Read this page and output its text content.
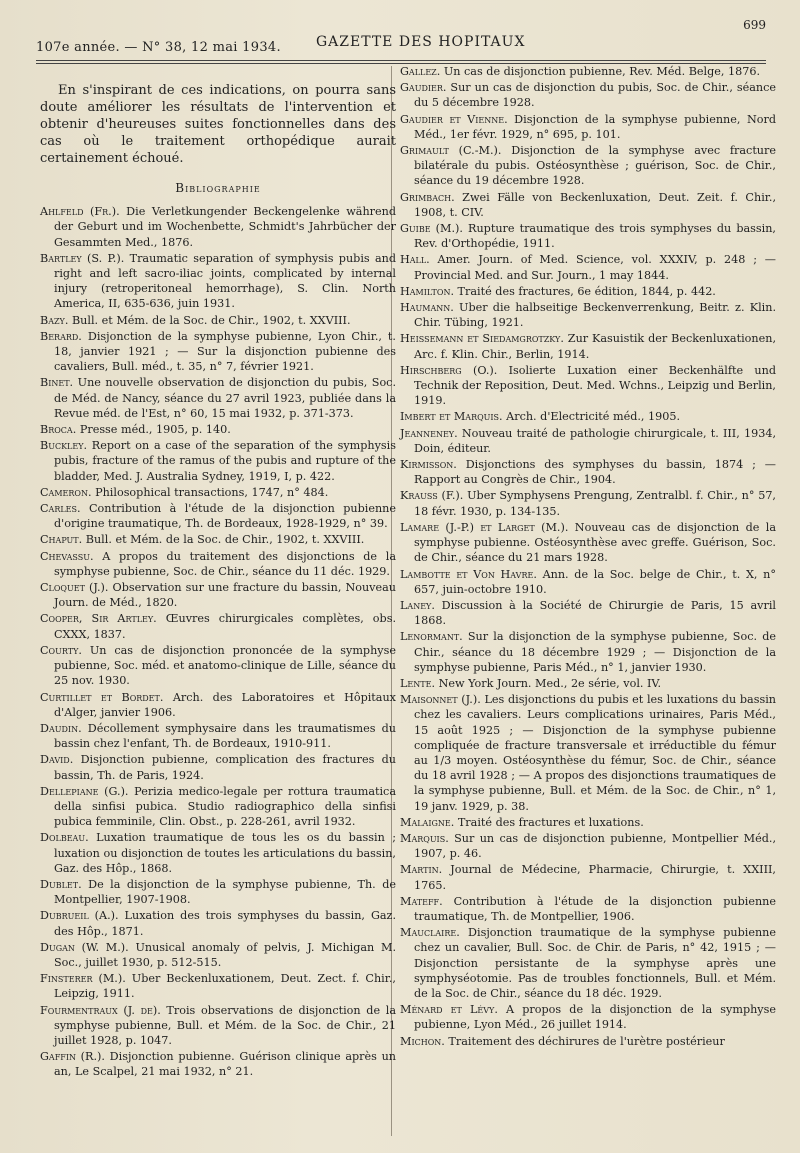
107e année. — N° 38, 12 mai 1934.	GAZETTE DES HOPITAUX
699

En s'inspirant de ces indications, on pourra sans doute améliorer les résultats de l'intervention et obtenir d'heureuses suites fonctionnelles dans des cas où le traitement orthopédique aurait certainement échoué.

Bibliographie

Ahlfeld (Fr.). Die Verletkungender Beckengelenke während der Geburt und im Wochenbette, Schmidt's Jahrbücher der Gesammten Med., 1876.

Bartley (S. P.). Traumatic separation of symphysis pubis and right and left sacro-iliac joints, complicated by internal injury (retroperitoneal hemorrhage), S. Clin. North America, II, 635-636, juin 1931.

Bazy. Bull. et Mém. de la Soc. de Chir., 1902, t. XXVIII.

Berard. Disjonction de la symphyse pubienne, Lyon Chir., t. 18, janvier 1921 ; — Sur la disjonction pubienne des cavaliers, Bull. méd., t. 35, n° 7, février 1921.

Binet. Une nouvelle observation de disjonction du pubis, Soc. de Méd. de Nancy, séance du 27 avril 1923, publiée dans la Revue méd. de l'Est, n° 60, 15 mai 1932, p. 371-373.

Broca. Presse méd., 1905, p. 140.

Buckley. Report on a case of the separation of the symphysis pubis, fracture of the ramus of the pubis and rupture of the bladder, Med. J. Australia Sydney, 1919, I, p. 422.

Cameron. Philosophical transactions, 1747, n° 484.

Carles. Contribution à l'étude de la disjonction pubienne d'origine traumatique, Th. de Bordeaux, 1928-1929, n° 39.

Chaput. Bull. et Mém. de la Soc. de Chir., 1902, t. XXVIII.

Chevassu. A propos du traitement des disjonctions de la symphyse pubienne, Soc. de Chir., séance du 11 déc. 1929.

Cloquet (J.). Observation sur une fracture du bassin, Nouveau Journ. de Méd., 1820.

Cooper, Sir Artley. Œuvres chirurgicales complètes, obs. CXXX, 1837.

Courty. Un cas de disjonction prononcée de la symphyse pubienne, Soc. méd. et anatomo-clinique de Lille, séance du 25 nov. 1930.

Curtillet et Bordet. Arch. des Laboratoires et Hôpitaux d'Alger, janvier 1906.

Daudin. Décollement symphysaire dans les traumatismes du bassin chez l'enfant, Th. de Bordeaux, 1910-911.

David. Disjonction pubienne, complication des fractures du bassin, Th. de Paris, 1924.

Dellepiane (G.). Perizia medico-legale per rottura traumatica della sinfisi pubica. Studio radiographico della sinfisi pubica femminile, Clin. Obst., p. 228-261, avril 1932.

Dolbeau. Luxation traumatique de tous les os du bassin ; luxation ou disjonction de toutes les articulations du bassin, Gaz. des Hôp., 1868.

Dublet. De la disjonction de la symphyse pubienne, Th. de Montpellier, 1907-1908.

Dubrueil (A.). Luxation des trois symphyses du bassin, Gaz. des Hôp., 1871.

Dugan (W. M.). Unusical anomaly of pelvis, J. Michigan M. Soc., juillet 1930, p. 512-515.

Finsterer (M.). Uber Beckenluxationem, Deut. Zect. f. Chir., Leipzig, 1911.

Fourmentraux (J. de). Trois observations de disjonction de la symphyse pubienne, Bull. et Mém. de la Soc. de Chir., 21 juillet 1928, p. 1047.

Gaffin (R.). Disjonction pubienne. Guérison clinique après un an, Le Scalpel, 21 mai 1932, n° 21.

Gallez. Un cas de disjonction pubienne, Rev. Méd. Belge, 1876.

Gaudier. Sur un cas de disjonction du pubis, Soc. de Chir., séance du 5 décembre 1928.

Gaudier et Vienne. Disjonction de la symphyse pubienne, Nord Méd., 1er févr. 1929, n° 695, p. 101.

Grimault (C.-M.). Disjonction de la symphyse avec fracture bilatérale du pubis. Ostéosynthèse ; guérison, Soc. de Chir., séance du 19 décembre 1928.

Grimbach. Zwei Fälle von Beckenluxation, Deut. Zeit. f. Chir., 1908, t. CIV.

Guibe (M.). Rupture traumatique des trois symphyses du bassin, Rev. d'Orthopédie, 1911.

Hall. Amer. Journ. of Med. Science, vol. XXXIV, p. 248 ; — Provincial Med. and Sur. Journ., 1 may 1844.

Hamilton. Traité des fractures, 6e édition, 1844, p. 442.

Haumann. Uber die halbseitige Beckenverrenkung, Beitr. z. Klin. Chir. Tübing, 1921.

Heissemann et Siedamgrotzky. Zur Kasuistik der Beckenluxationen, Arc. f. Klin. Chir., Berlin, 1914.

Hirschberg (O.). Isolierte Luxation einer Beckenhälfte und Technik der Reposition, Deut. Med. Wchns., Leipzig und Berlin, 1919.

Imbert et Marquis. Arch. d'Electricité méd., 1905.

Jeanneney. Nouveau traité de pathologie chirurgicale, t. III, 1934, Doin, éditeur.

Kirmisson. Disjonctions des symphyses du bassin, 1874 ; — Rapport au Congrès de Chir., 1904.

Krauss (F.). Uber Symphysens Prengung, Zentralbl. f. Chir., n° 57, 18 févr. 1930, p. 134-135.

Lamare (J.-P.) et Larget (M.). Nouveau cas de disjonction de la symphyse pubienne. Ostéosynthèse avec greffe. Guérison, Soc. de Chir., séance du 21 mars 1928.

Lambotte et Von Havre. Ann. de la Soc. belge de Chir., t. X, n° 657, juin-octobre 1910.

Laney. Discussion à la Société de Chirurgie de Paris, 15 avril 1868.

Lenormant. Sur la disjonction de la symphyse pubienne, Soc. de Chir., séance du 18 décembre 1929 ; — Disjonction de la symphyse pubienne, Paris Méd., n° 1, janvier 1930.

Lente. New York Journ. Med., 2e série, vol. IV.

Maisonnet (J.). Les disjonctions du pubis et les luxations du bassin chez les cavaliers. Leurs complications urinaires, Paris Méd., 15 août 1925 ; — Disjonction de la symphyse pubienne compliquée de fracture transversale et irréductible du fémur au 1/3 moyen. Ostéosynthèse du fémur, Soc. de Chir., séance du 18 avril 1928 ; — A propos des disjonctions traumatiques de la symphyse pubienne, Bull. et Mém. de la Soc. de Chir., n° 1, 19 janv. 1929, p. 38.

Malaigne. Traité des fractures et luxations.

Marquis. Sur un cas de disjonction pubienne, Montpellier Méd., 1907, p. 46.

Martin. Journal de Médecine, Pharmacie, Chirurgie, t. XXIII, 1765.

Mateff. Contribution à l'étude de la disjonction pubienne traumatique, Th. de Montpellier, 1906.

Mauclaire. Disjonction traumatique de la symphyse pubienne chez un cavalier, Bull. Soc. de Chir. de Paris, n° 42, 1915 ; — Disjonction persistante de la symphyse après une symphyséotomie. Pas de troubles fonctionnels, Bull. et Mém. de la Soc. de Chir., séance du 18 déc. 1929.

Ménard et Lévy. A propos de la disjonction de la symphyse pubienne, Lyon Méd., 26 juillet 1914.

Michon. Traitement des déchirures de l'urètre postérieur
